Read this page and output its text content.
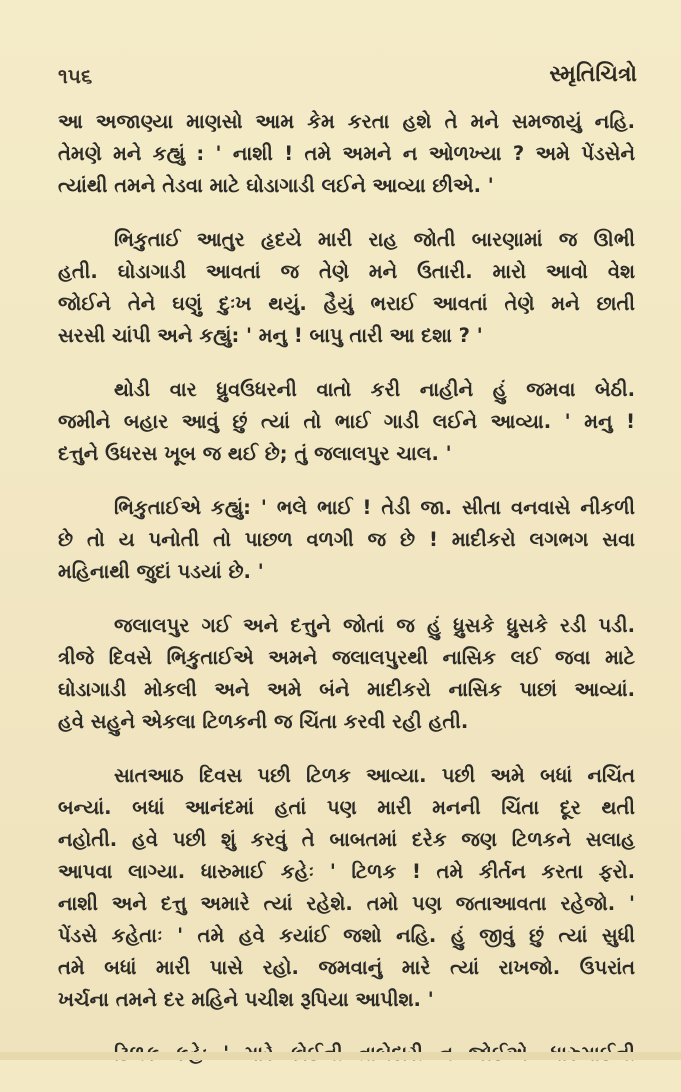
૧૫૬	સ્મૃતિચિત્રો
આ અજાણ્યા માણસો આમ કેમ કરતા હશે તે મને સમજાયું નહિ.
તેમણે મને કહ્યું : ' નાશી ! તમે અમને ન ઓળખ્યા ? અમે પેંડસેને
ત્યાંથી તમને તેડવા માટે ઘોડાગાડી લઈને આવ્યા છીએ. '
ભિકુતાઈ આતુર હૃદયે મારી રાહ જોતી બારણામાં જ ઊભી
હતી. ઘોડાગાડી આવતાં જ તેણે મને ઉતારી. મારો આવો વેશ
જોઈને તેને ઘણું દુઃખ થયું. હૈયું ભરાઈ આવતાં તેણે મને છાતી
સરસી ચાંપી અને કહ્યું: ' મનુ ! બાપુ તારી આ દશા ? '
થોડી વાર ધ્રુવઉધરની વાતો કરી નાહીને હું જમવા બેઠી.
જમીને બહાર આવું છું ત્યાં તો ભાઈ ગાડી લઈને આવ્યા. ' મનુ !
દત્તુને ઉધરસ ખૂબ જ થઈ છે; તું જલાલપુર ચાલ. '
ભિકુતાઈએ કહ્યું: ' ભલે ભાઈ ! તેડી જા. સીતા વનવાસે નીકળી
છે તો ય પનોતી તો પાછળ વળગી જ છે ! માદીકરો લગભગ સવા
મહિનાથી જુદાં પડયાં છે. '
જલાલપુર ગઈ અને દત્તુને જોતાં જ હું ધ્રુસકે ધ્રુસકે રડી પડી.
ત્રીજે દિવસે ભિકુતાઈએ અમને જલાલપુરથી નાસિક લઈ જવા માટે
ઘોડાગાડી મોકલી અને અમે બંને માદીકરો નાસિક પાછાં આવ્યાં.
હવે સહુને એકલા ટિળકની જ ચિંતા કરવી રહી હતી.
સાતઆઠ દિવસ પછી ટિળક આવ્યા. પછી અમે બધાં નચિંત
બન્યાં. બધાં આનંદમાં હતાં પણ મારી મનની ચિંતા દૂર થતી
નહોતી. હવે પછી શું કરવું તે બાબતમાં દરેક જણ ટિળકને સલાહ
આપવા લાગ્યા. ધારુમાઈ કહેઃ ' ટિળક ! તમે કીર્તન કરતા ફરો.
નાશી અને દત્તુ અમારે ત્યાં રહેશે. તમો પણ જતાઆવતા રહેજો. '
પેંડસે કહેતાઃ ' તમે હવે કયાંઈ જશો નહિ. હું જીવું છું ત્યાં સુધી
તમે બધાં મારી પાસે રહો. જમવાનું મારે ત્યાં રાખજો. ઉપરાંત
ખર્ચના તમને દર મહિને પચીશ રૂપિયા આપીશ. '
